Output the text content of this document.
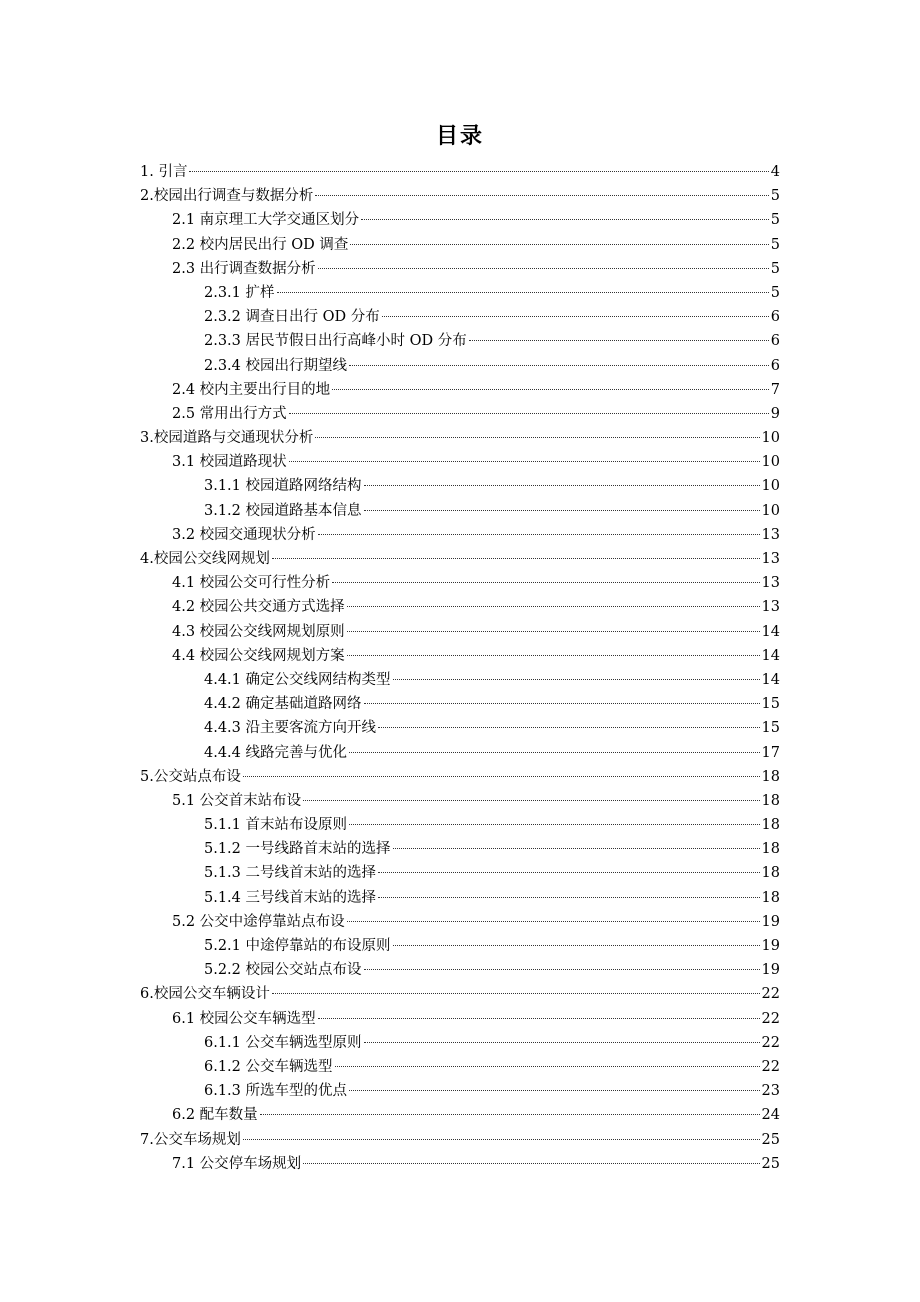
目录
1. 引言	4
2.校园出行调查与数据分析	5
2.1 南京理工大学交通区划分	5
2.2 校内居民出行 OD 调查	5
2.3 出行调查数据分析	5
2.3.1 扩样	5
2.3.2 调查日出行 OD 分布	6
2.3.3 居民节假日出行高峰小时 OD 分布	6
2.3.4 校园出行期望线	6
2.4 校内主要出行目的地	7
2.5 常用出行方式	9
3.校园道路与交通现状分析	10
3.1 校园道路现状	10
3.1.1 校园道路网络结构	10
3.1.2 校园道路基本信息	10
3.2 校园交通现状分析	13
4.校园公交线网规划	13
4.1 校园公交可行性分析	13
4.2 校园公共交通方式选择	13
4.3 校园公交线网规划原则	14
4.4 校园公交线网规划方案	14
4.4.1 确定公交线网结构类型	14
4.4.2 确定基础道路网络	15
4.4.3 沿主要客流方向开线	15
4.4.4 线路完善与优化	17
5.公交站点布设	18
5.1 公交首末站布设	18
5.1.1 首末站布设原则	18
5.1.2 一号线路首末站的选择	18
5.1.3 二号线首末站的选择	18
5.1.4 三号线首末站的选择	18
5.2 公交中途停靠站点布设	19
5.2.1 中途停靠站的布设原则	19
5.2.2 校园公交站点布设	19
6.校园公交车辆设计	22
6.1 校园公交车辆选型	22
6.1.1 公交车辆选型原则	22
6.1.2 公交车辆选型	22
6.1.3 所选车型的优点	23
6.2 配车数量	24
7.公交车场规划	25
7.1 公交停车场规划	25
